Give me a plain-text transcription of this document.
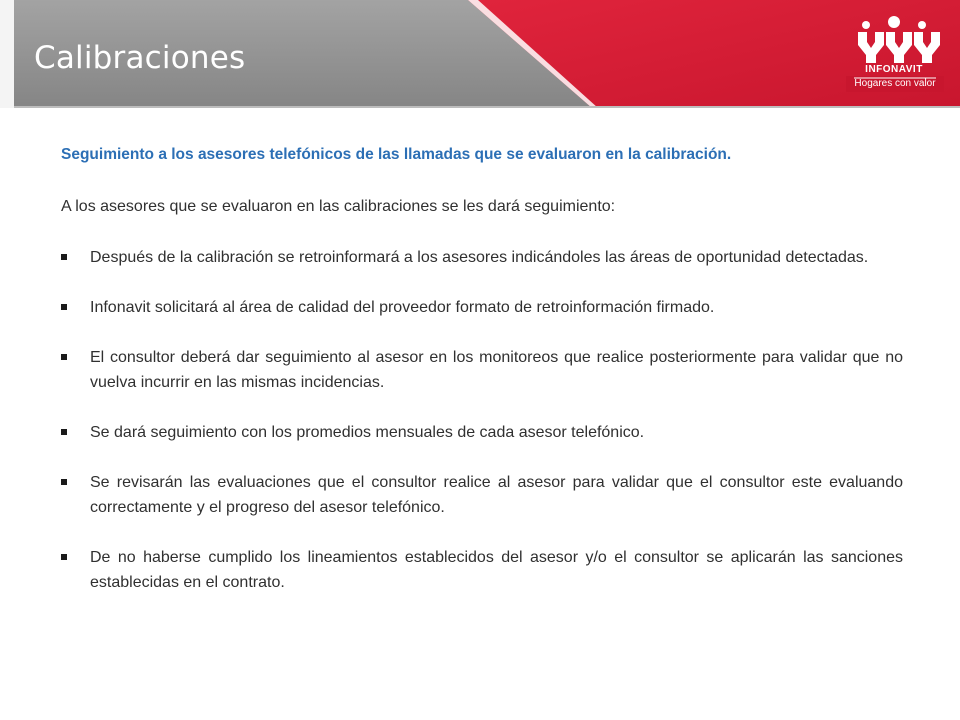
Calibraciones	INFONAVIT
Hogares con valor

Seguimiento a los asesores telefónicos de las llamadas que se evaluaron en la calibración.

A los asesores que se evaluaron en las calibraciones se les dará seguimiento:

Después de la calibración se retroinformará a los asesores indicándoles las áreas de oportunidad detectadas.
Infonavit solicitará al área de calidad del proveedor formato de retroinformación firmado.
El consultor deberá dar seguimiento al asesor en los monitoreos que realice posteriormente para validar que no vuelva incurrir en las mismas incidencias.
Se dará seguimiento con los promedios mensuales de cada asesor telefónico.
Se revisarán las evaluaciones que el consultor realice al asesor para validar que el consultor este evaluando correctamente y el progreso del asesor telefónico.
De no haberse cumplido los lineamientos establecidos del asesor y/o el consultor se aplicarán las sanciones establecidas en el contrato.
